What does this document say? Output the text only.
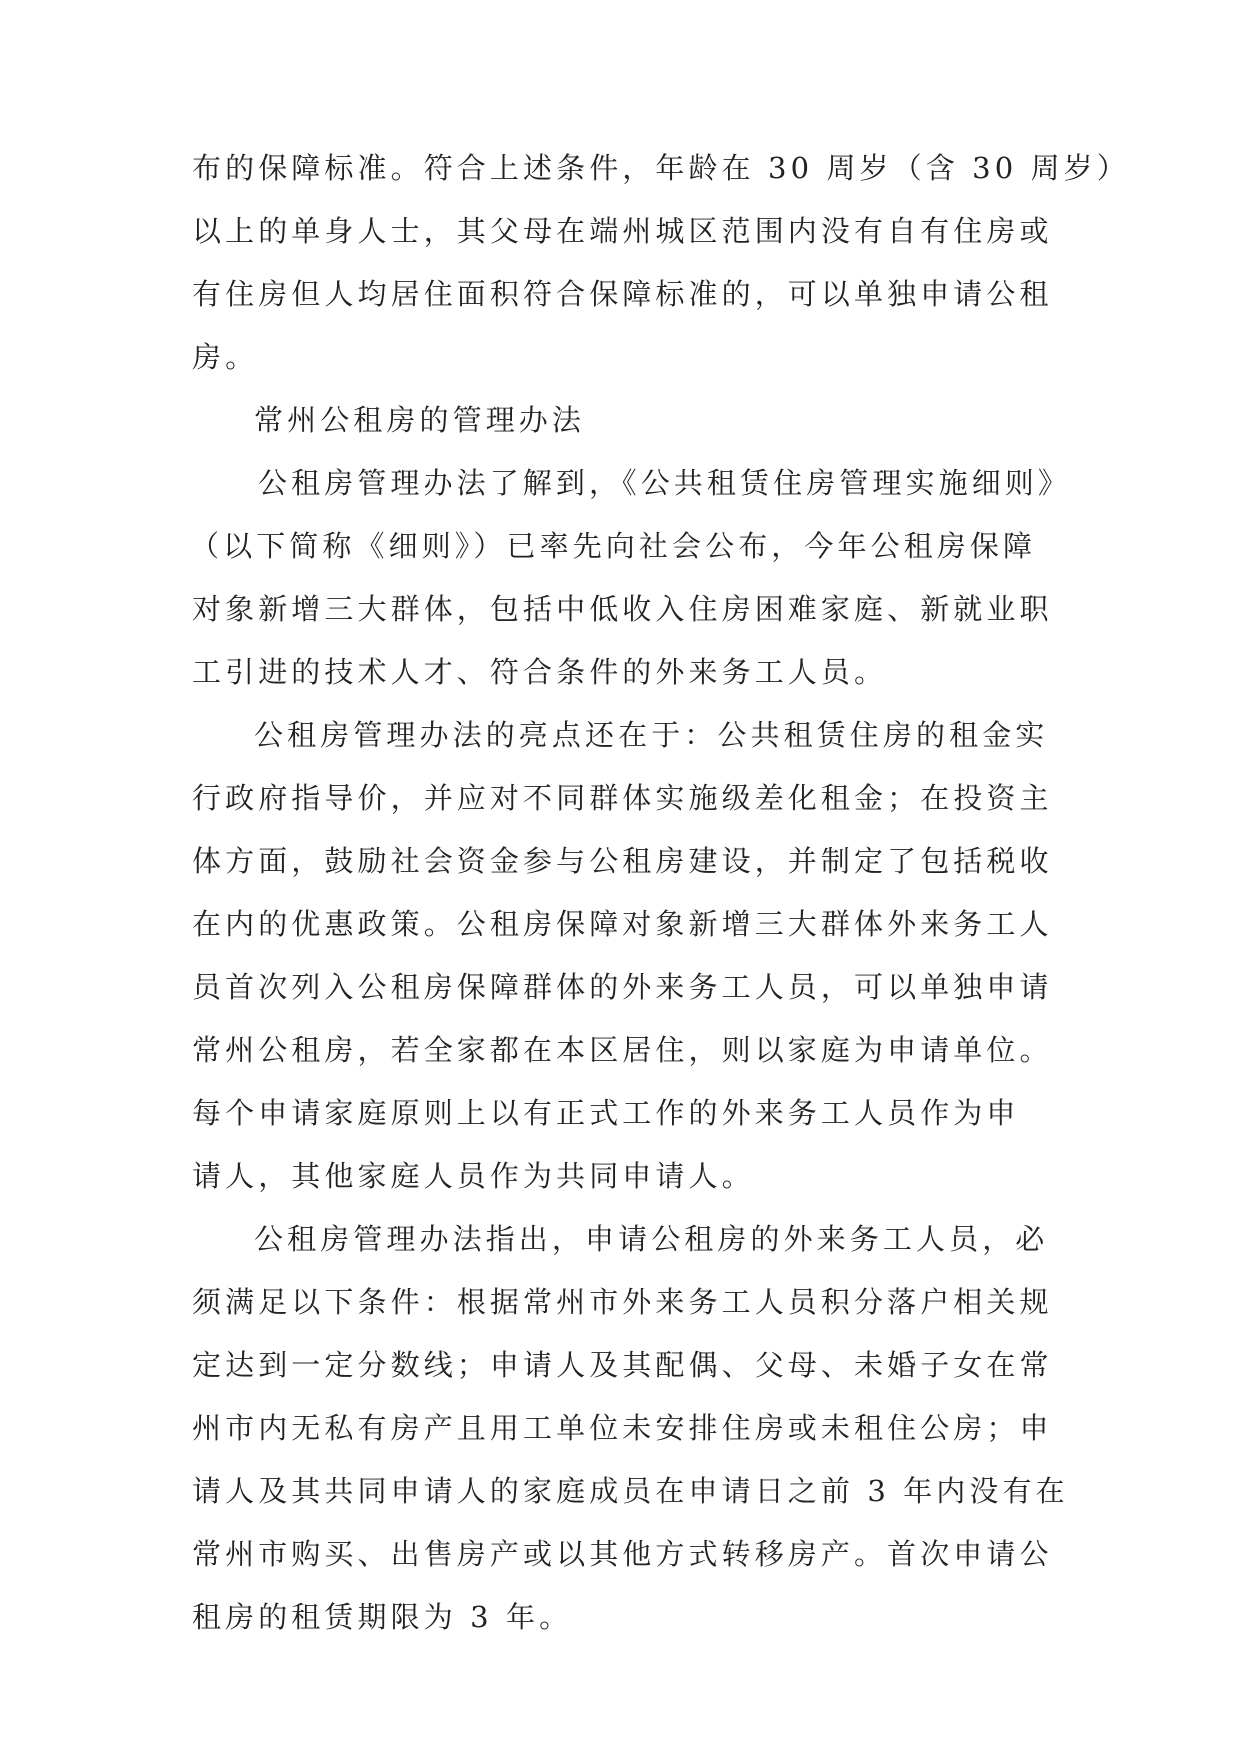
布的保障标准。符合上述条件，年龄在 30 周岁（含 30 周岁）
以上的单身人士，其父母在端州城区范围内没有自有住房或
有住房但人均居住面积符合保障标准的，可以单独申请公租
房。
常州公租房的管理办法
公租房管理办法了解到，《公共租赁住房管理实施细则》
（以下简称《细则》）已率先向社会公布，今年公租房保障
对象新增三大群体，包括中低收入住房困难家庭、新就业职
工引进的技术人才、符合条件的外来务工人员。
公租房管理办法的亮点还在于：公共租赁住房的租金实
行政府指导价，并应对不同群体实施级差化租金；在投资主
体方面，鼓励社会资金参与公租房建设，并制定了包括税收
在内的优惠政策。公租房保障对象新增三大群体外来务工人
员首次列入公租房保障群体的外来务工人员，可以单独申请
常州公租房，若全家都在本区居住，则以家庭为申请单位。
每个申请家庭原则上以有正式工作的外来务工人员作为申
请人，其他家庭人员作为共同申请人。
公租房管理办法指出，申请公租房的外来务工人员，必
须满足以下条件：根据常州市外来务工人员积分落户相关规
定达到一定分数线；申请人及其配偶、父母、未婚子女在常
州市内无私有房产且用工单位未安排住房或未租住公房；申
请人及其共同申请人的家庭成员在申请日之前 3 年内没有在
常州市购买、出售房产或以其他方式转移房产。首次申请公
租房的租赁期限为 3 年。
